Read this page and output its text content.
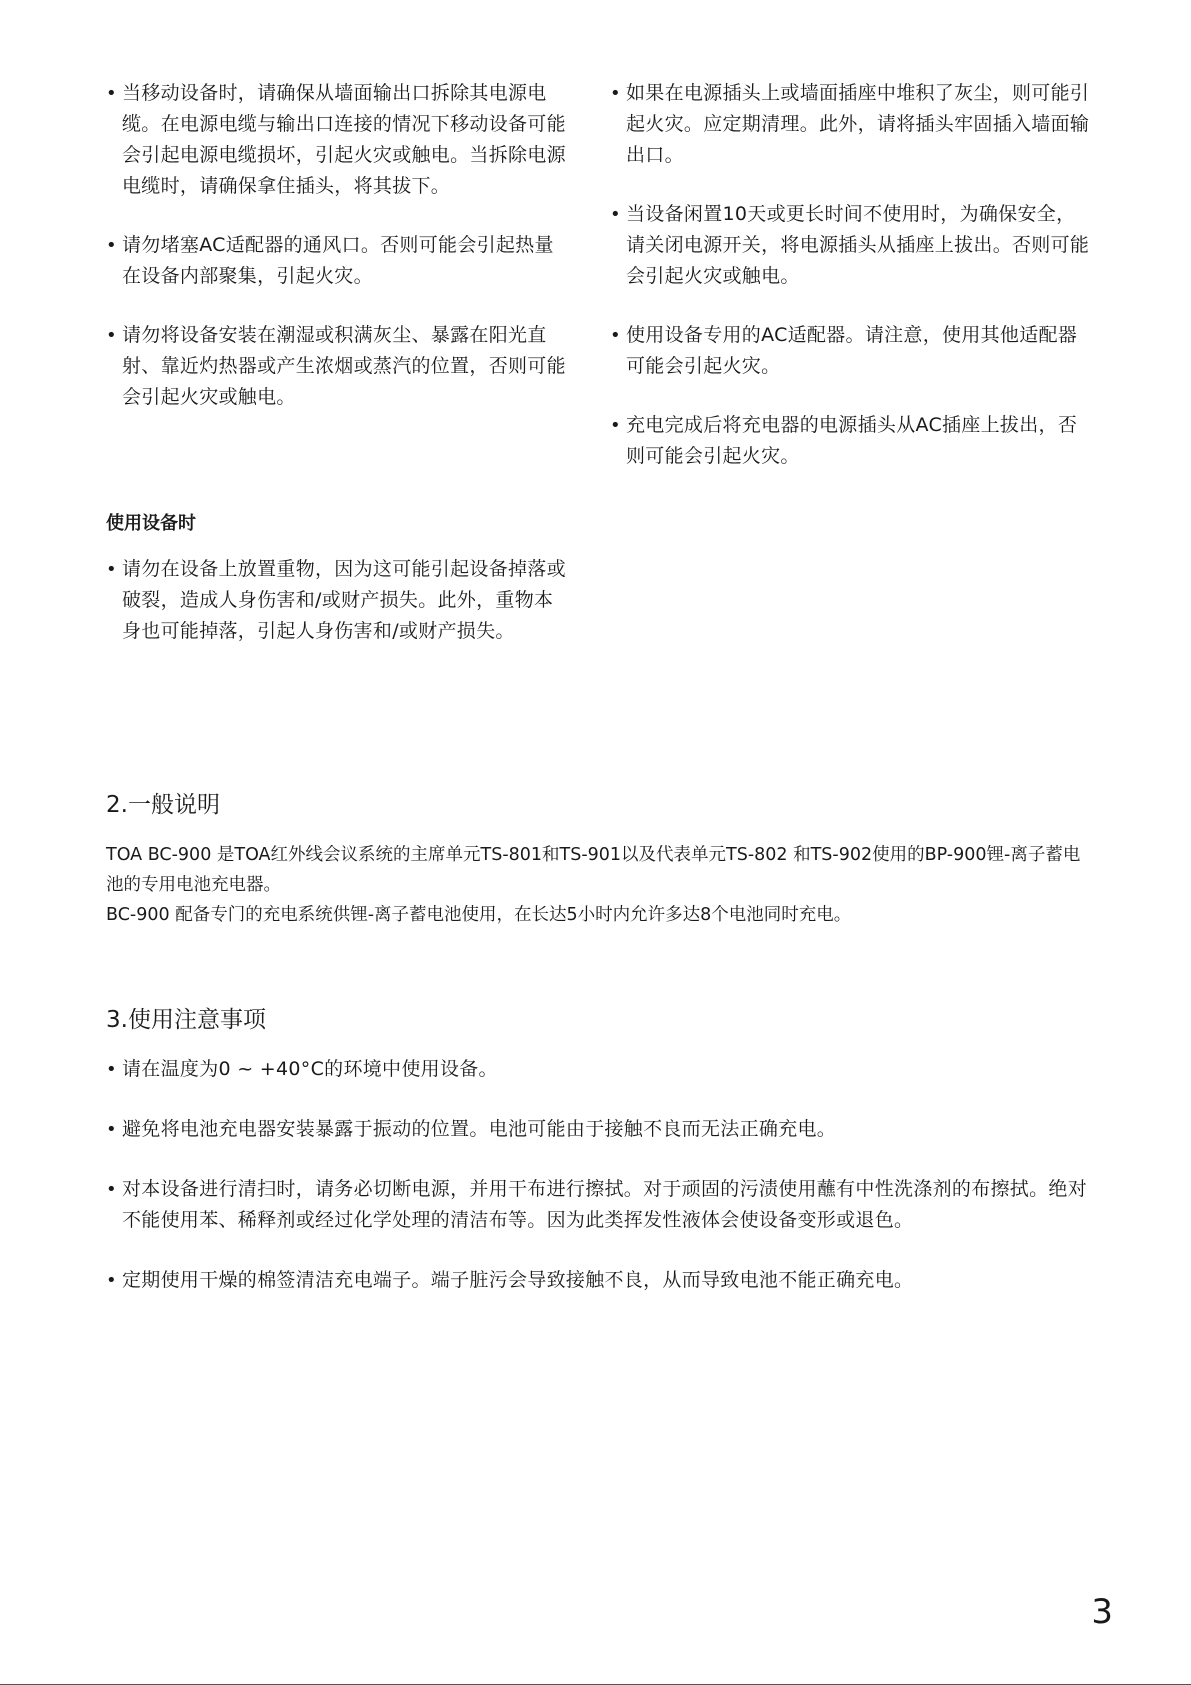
• 当移动设备时，请确保从墙面输出口拆除其电源电缆。在电源电缆与输出口连接的情况下移动设备可能会引起电源电缆损坏，引起火灾或触电。当拆除电源电缆时，请确保拿住插头，将其拔下。

• 请勿堵塞AC适配器的通风口。否则可能会引起热量在设备内部聚集，引起火灾。

• 请勿将设备安装在潮湿或积满灰尘、暴露在阳光直射、靠近灼热器或产生浓烟或蒸汽的位置，否则可能会引起火灾或触电。

• 如果在电源插头上或墙面插座中堆积了灰尘，则可能引起火灾。应定期清理。此外，请将插头牢固插入墙面输出口。

• 当设备闲置10天或更长时间不使用时，为确保安全，请关闭电源开关，将电源插头从插座上拔出。否则可能会引起火灾或触电。

• 使用设备专用的AC适配器。请注意，使用其他适配器可能会引起火灾。

• 充电完成后将充电器的电源插头从AC插座上拔出，否则可能会引起火灾。

使用设备时

• 请勿在设备上放置重物，因为这可能引起设备掉落或破裂，造成人身伤害和/或财产损失。此外，重物本身也可能掉落，引起人身伤害和/或财产损失。

2.一般说明
TOA BC-900 是TOA红外线会议系统的主席单元TS-801和TS-901以及代表单元TS-802 和TS-902使用的BP-900锂-离子蓄电池的专用电池充电器。
BC-900 配备专门的充电系统供锂-离子蓄电池使用，在长达5小时内允许多达8个电池同时充电。
3.使用注意事项

• 请在温度为0 ~ +40°C的环境中使用设备。

• 避免将电池充电器安装暴露于振动的位置。电池可能由于接触不良而无法正确充电。

• 对本设备进行清扫时，请务必切断电源，并用干布进行擦拭。对于顽固的污渍使用蘸有中性洗涤剂的布擦拭。绝对不能使用苯、稀释剂或经过化学处理的清洁布等。因为此类挥发性液体会使设备变形或退色。

• 定期使用干燥的棉签清洁充电端子。端子脏污会导致接触不良，从而导致电池不能正确充电。

3
